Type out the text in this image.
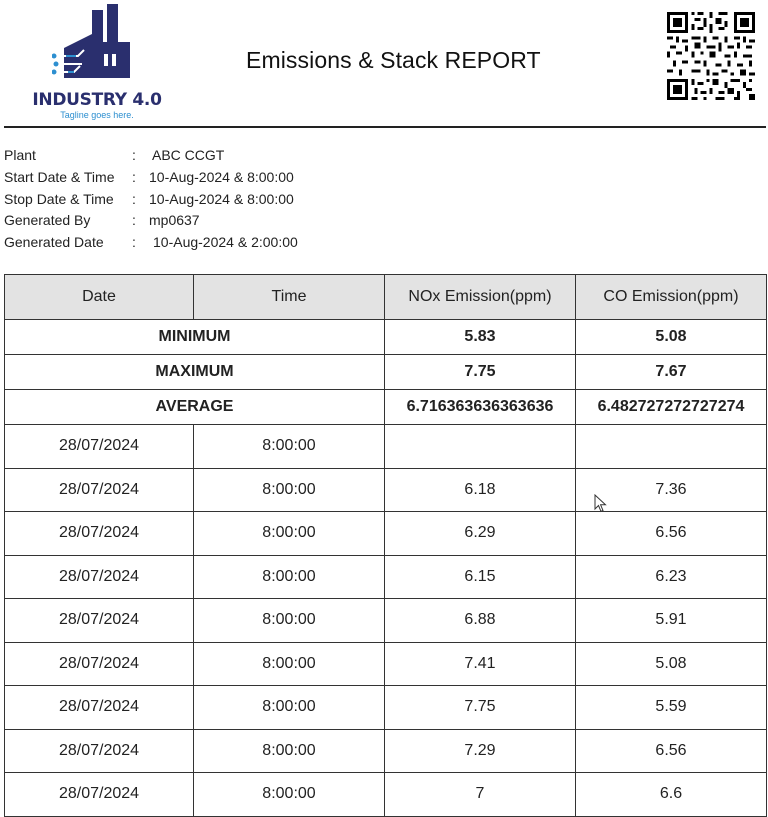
INDUSTRY 4.0
Tagline goes here.
Emissions & Stack REPORT
Plant	: ABC CCGT
Start Date & Time : 10-Aug-2024 & 8:00:00
Stop Date & Time : 10-Aug-2024 & 8:00:00
Generated By	: mp0637
Generated Date : 10-Aug-2024 & 2:00:00
Date	Time	NOx Emission(ppm)	CO Emission(ppm)
MINIMUM		5.83	5.08
MAXIMUM		7.75	7.67
AVERAGE		6.716363636363636	6.482727272727274
28/07/2024	8:00:00		
28/07/2024	8:00:00	6.18	7.36
28/07/2024	8:00:00	6.29	6.56
28/07/2024	8:00:00	6.15	6.23
28/07/2024	8:00:00	6.88	5.91
28/07/2024	8:00:00	7.41	5.08
28/07/2024	8:00:00	7.75	5.59
28/07/2024	8:00:00	7.29	6.56
28/07/2024	8:00:00	7	6.6
